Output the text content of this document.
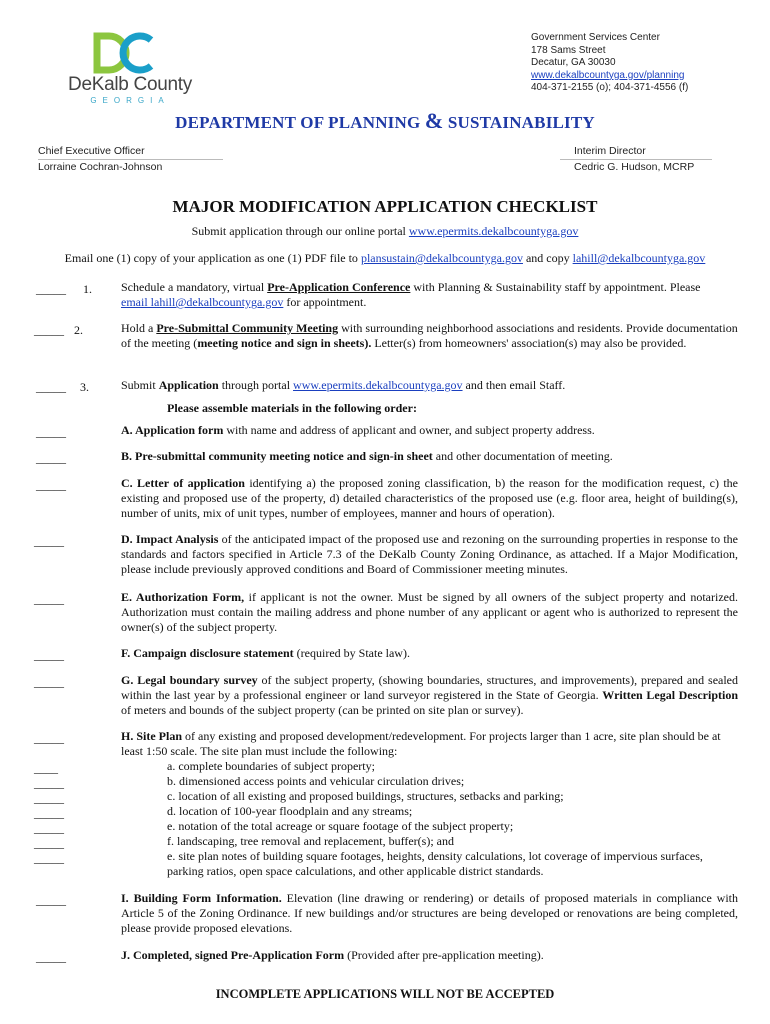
DeKalb County
GEORGIA
Government Services Center
178 Sams Street
Decatur, GA 30030
www.dekalbcountyga.gov/planning
404-371-2155 (o); 404-371-4556 (f)
DEPARTMENT OF PLANNING & SUSTAINABILITY
Chief Executive Officer
Lorraine Cochran-Johnson
Interim Director
Cedric G. Hudson, MCRP
MAJOR MODIFICATION APPLICATION CHECKLIST
Submit application through our online portal www.epermits.dekalbcountyga.gov
Email one (1) copy of your application as one (1) PDF file to plansustain@dekalbcountyga.gov and copy lahill@dekalbcountyga.gov
_____ 1. Schedule a mandatory, virtual Pre-Application Conference with Planning & Sustainability staff by appointment. Please
email lahill@dekalbcountyga.gov for appointment.
_____ 2.	Hold a Pre-Submittal Community Meeting with surrounding neighborhood associations and residents. Provide documentation of the meeting (meeting notice and sign in sheets). Letter(s) from homeowners' association(s) may also be provided.
_____ 3.	Submit Application through portal www.epermits.dekalbcountyga.gov and then email Staff.
Please assemble materials in the following order:
_____	A. Application form with name and address of applicant and owner, and subject property address.
_____	B. Pre-submittal community meeting notice and sign-in sheet and other documentation of meeting.
_____	C. Letter of application identifying a) the proposed zoning classification, b) the reason for the modification request, c) the existing and proposed use of the property, d) detailed characteristics of the proposed use (e.g. floor area, height of building(s), number of units, mix of unit types, number of employees, manner and hours of operation).
_____	D. Impact Analysis of the anticipated impact of the proposed use and rezoning on the surrounding properties in response to the standards and factors specified in Article 7.3 of the DeKalb County Zoning Ordinance, as attached. If a Major Modification, please include previously approved conditions and Board of Commissioner meeting minutes.
_____	E. Authorization Form, if applicant is not the owner. Must be signed by all owners of the subject property and notarized. Authorization must contain the mailing address and phone number of any applicant or agent who is authorized to represent the owner(s) of the subject property.
_____	F. Campaign disclosure statement (required by State law).
_____	G. Legal boundary survey of the subject property, (showing boundaries, structures, and improvements), prepared and sealed within the last year by a professional engineer or land surveyor registered in the State of Georgia. Written Legal Description of meters and bounds of the subject property (can be printed on site plan or survey).
_____	H. Site Plan of any existing and proposed development/redevelopment. For projects larger than 1 acre, site plan should be at least 1:50 scale. The site plan must include the following:
____	a. complete boundaries of subject property;
_____	b. dimensioned access points and vehicular circulation drives;
_____	c. location of all existing and proposed buildings, structures, setbacks and parking;
_____	d. location of 100-year floodplain and any streams;
_____	e. notation of the total acreage or square footage of the subject property;
_____	f. landscaping, tree removal and replacement, buffer(s); and
_____	e. site plan notes of building square footages, heights, density calculations, lot coverage of impervious surfaces, parking ratios, open space calculations, and other applicable district standards.
_____	I. Building Form Information. Elevation (line drawing or rendering) or details of proposed materials in compliance with Article 5 of the Zoning Ordinance. If new buildings and/or structures are being developed or renovations are being completed, please provide proposed elevations.
_____	J. Completed, signed Pre-Application Form (Provided after pre-application meeting).
INCOMPLETE APPLICATIONS WILL NOT BE ACCEPTED
